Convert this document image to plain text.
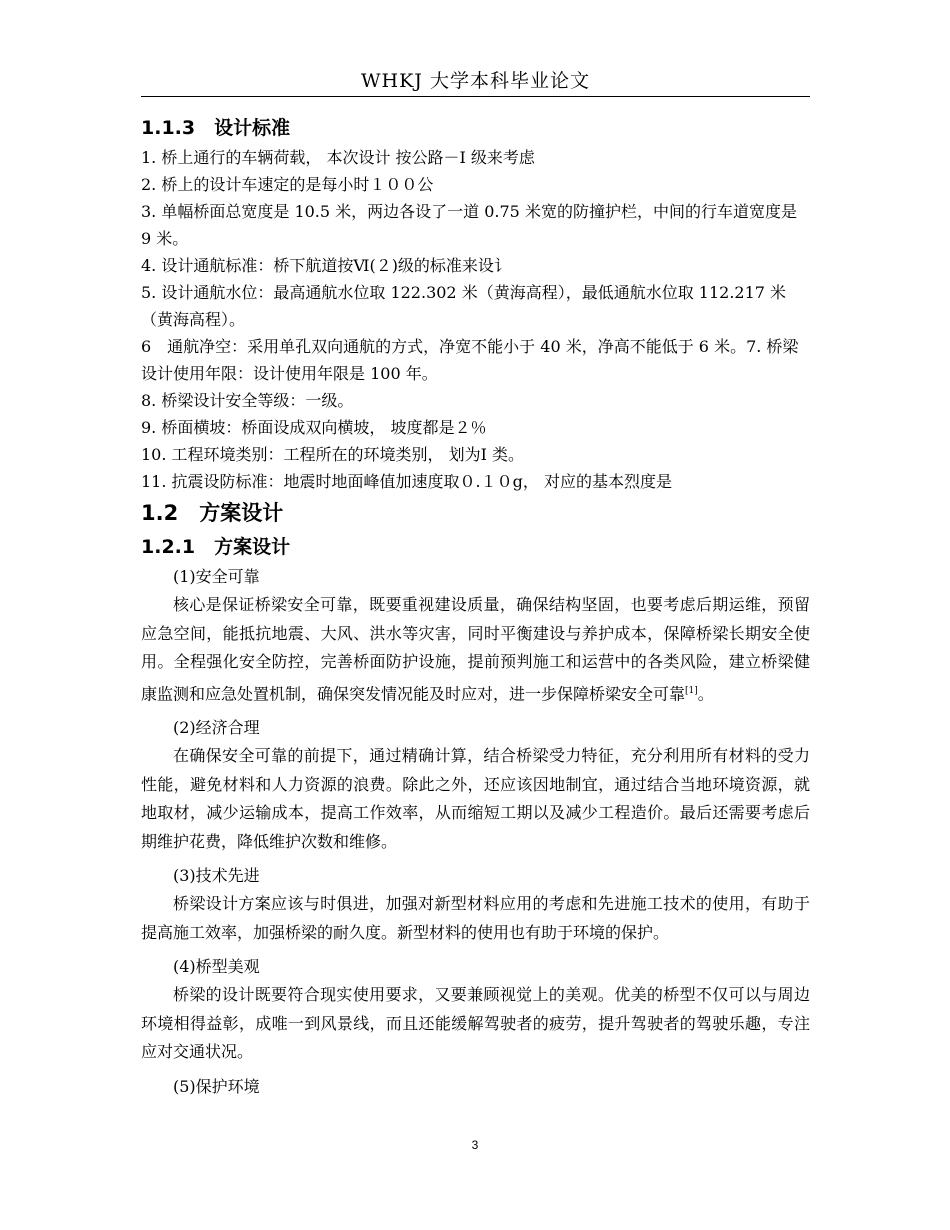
WHKJ 大学本科毕业论文
1.1.3　设计标准

1. 桥上通行的车辆荷载， 本次设计 按公路－I 级来考虑

2. 桥上的设计车速定的是每小时１００公

3. 单幅桥面总宽度是 10.5 米，两边各设了一道 0.75 米宽的防撞护栏，中间的行车道宽度是 9 米。

4. 设计通航标准：桥下航道按Ⅵ(２)级的标准来设讠

5. 设计通航水位：最高通航水位取 122.302 米（黄海高程），最低通航水位取 112.217 米（黄海高程）。

6　通航净空：采用单孔双向通航的方式，净宽不能小于 40 米，净高不能低于 6 米。7. 桥梁设计使用年限：设计使用年限是 100 年。

8. 桥梁设计安全等级：一级。

9. 桥面横坡：桥面设成双向横坡， 坡度都是２％

10. 工程环境类别：工程所在的环境类别， 划为I 类。

11. 抗震设防标准：地震时地面峰值加速度取０.１０g， 对应的基本烈度是

1.2　方案设计
1.2.1　方案设计

(1)安全可靠

核心是保证桥梁安全可靠，既要重视建设质量，确保结构坚固，也要考虑后期运维，预留应急空间，能抵抗地震、大风、洪水等灾害，同时平衡建设与养护成本，保障桥梁长期安全使用。全程强化安全防控，完善桥面防护设施，提前预判施工和运营中的各类风险，建立桥梁健康监测和应急处置机制，确保突发情况能及时应对，进一步保障桥梁安全可靠[1]。

(2)经济合理

在确保安全可靠的前提下，通过精确计算，结合桥梁受力特征，充分利用所有材料的受力性能，避免材料和人力资源的浪费。除此之外，还应该因地制宜，通过结合当地环境资源，就地取材，减少运输成本，提高工作效率，从而缩短工期以及减少工程造价。最后还需要考虑后期维护花费，降低维护次数和维修。

(3)技术先进

桥梁设计方案应该与时俱进，加强对新型材料应用的考虑和先进施工技术的使用，有助于提高施工效率，加强桥梁的耐久度。新型材料的使用也有助于环境的保护。

(4)桥型美观

桥梁的设计既要符合现实使用要求，又要兼顾视觉上的美观。优美的桥型不仅可以与周边环境相得益彰，成唯一到风景线，而且还能缓解驾驶者的疲劳，提升驾驶者的驾驶乐趣，专注应对交通状况。

(5)保护环境

3
